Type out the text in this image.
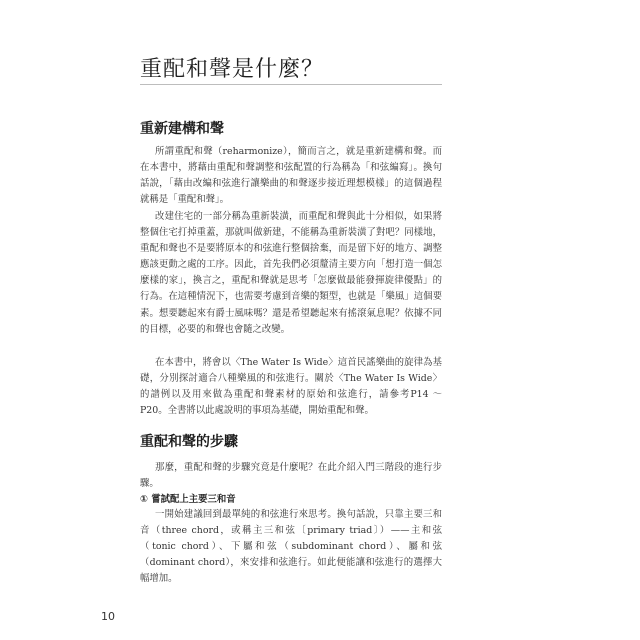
重配和聲是什麼？
重新建構和聲

所謂重配和聲（reharmonize），簡而言之，就是重新建構和聲。而在本書中，將藉由重配和聲調整和弦配置的行為稱為「和弦編寫」。換句話說，「藉由改編和弦進行讓樂曲的和聲逐步接近理想模樣」的這個過程就稱是「重配和聲」。

改建住宅的一部分稱為重新裝潢，而重配和聲與此十分相似，如果將整個住宅打掉重蓋，那就叫做新建，不能稱為重新裝潢了對吧？同樣地，重配和聲也不是要將原本的和弦進行整個捨棄，而是留下好的地方、調整應該更動之處的工序。因此，首先我們必須釐清主要方向「想打造一個怎麼樣的家」，換言之，重配和聲就是思考「怎麼做最能發揮旋律優點」的行為。在這種情況下，也需要考慮到音樂的類型，也就是「樂風」這個要素。想要聽起來有爵士風味嗎？還是希望聽起來有搖滾氣息呢？依據不同的目標，必要的和聲也會隨之改變。

在本書中，將會以〈The Water Is Wide〉這首民謠樂曲的旋律為基礎，分別探討適合八種樂風的和弦進行。關於〈The Water Is Wide〉的譜例以及用來做為重配和聲素材的原始和弦進行，請參考P14 ～ P20。全書將以此處說明的事項為基礎，開始重配和聲。

重配和聲的步驟

那麼，重配和聲的步驟究竟是什麼呢？在此介紹入門三階段的進行步驟。

① 嘗試配上主要三和音

一開始建議回到最單純的和弦進行來思考。換句話說，只靠主要三和音（three chord，或稱主三和弦〔primary triad〕）——主和弦（tonic chord）、下屬和弦（subdominant chord）、屬和弦（dominant chord），來安排和弦進行。如此便能讓和弦進行的選擇大幅增加。

10
